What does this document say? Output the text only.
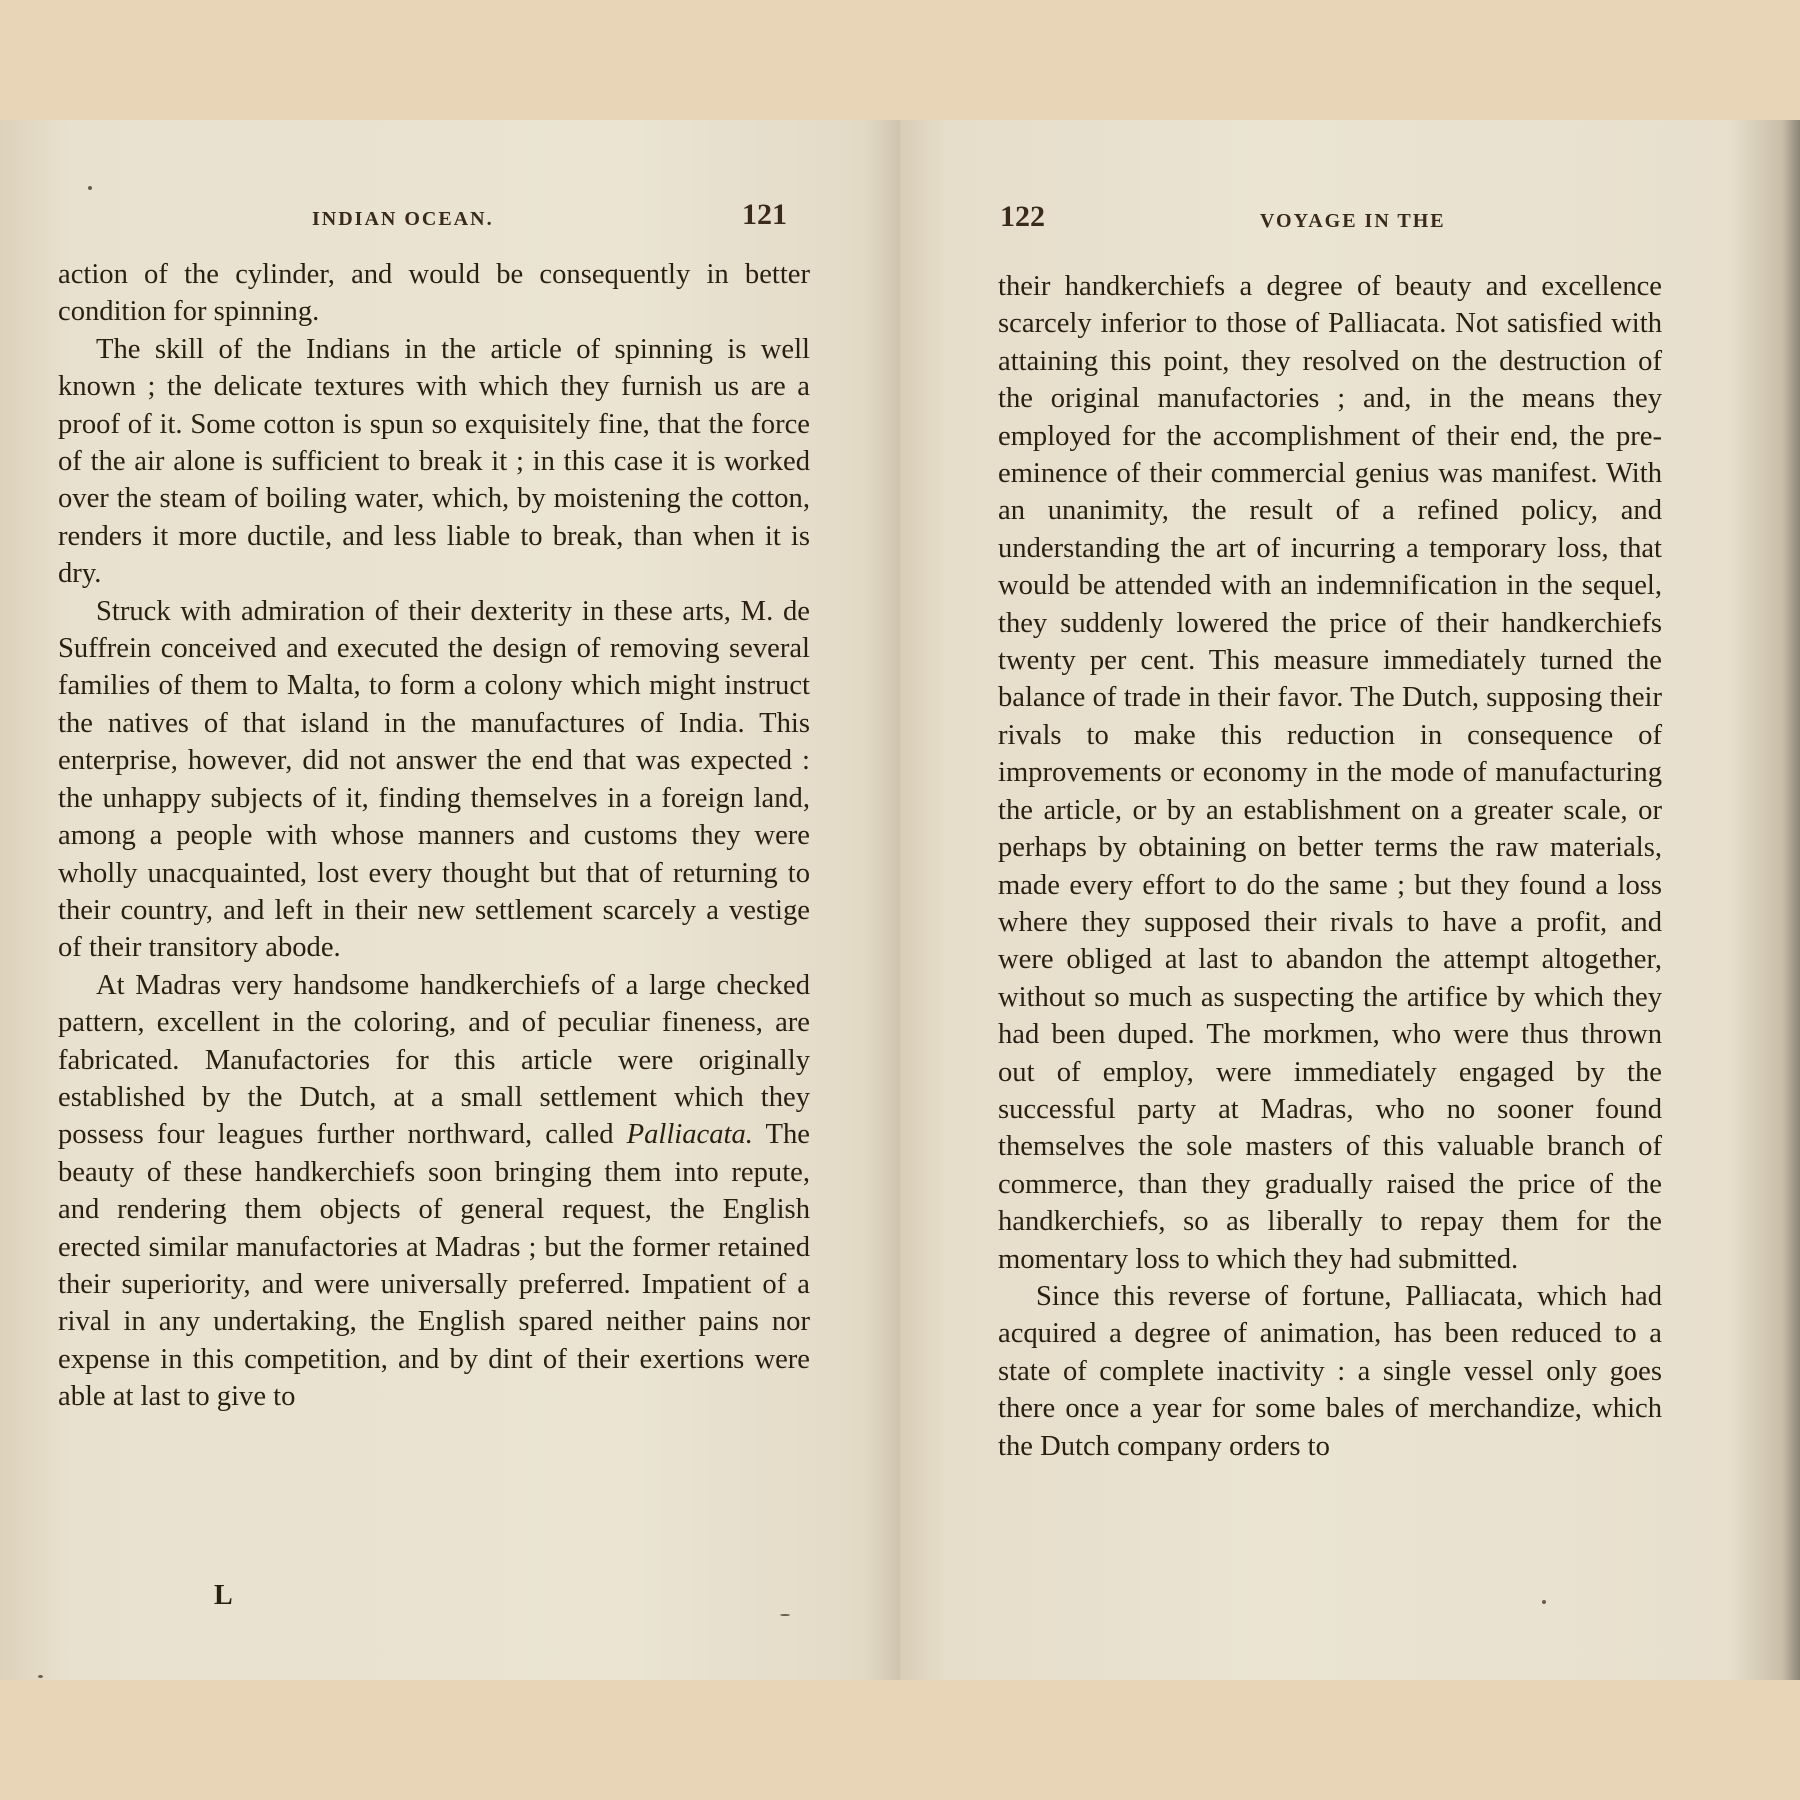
INDIAN OCEAN.	121

action of the cylinder, and would be consequently in better condition for spinning.

The skill of the Indians in the article of spinning is well known ; the delicate textures with which they furnish us are a proof of it. Some cotton is spun so exquisitely fine, that the force of the air alone is sufficient to break it ; in this case it is worked over the steam of boiling water, which, by moistening the cotton, renders it more ductile, and less liable to break, than when it is dry.

Struck with admiration of their dexterity in these arts, M. de Suffrein conceived and executed the design of removing several families of them to Malta, to form a colony which might instruct the natives of that island in the manufactures of India. This enterprise, however, did not answer the end that was expected : the unhappy subjects of it, finding themselves in a foreign land, among a people with whose manners and customs they were wholly unacquainted, lost every thought but that of returning to their country, and left in their new settlement scarcely a vestige of their transitory abode.

At Madras very handsome handkerchiefs of a large checked pattern, excellent in the coloring, and of peculiar fineness, are fabricated. Manufactories for this article were originally established by the Dutch, at a small settlement which they possess four leagues further northward, called Palliacata. The beauty of these handkerchiefs soon bringing them into repute, and rendering them objects of general request, the English erected similar manufactories at Madras ; but the former retained their superiority, and were universally preferred. Impatient of a rival in any undertaking, the English spared neither pains nor expense in this competition, and by dint of their exertions were able at last to give to

L
122	VOYAGE IN THE

their handkerchiefs a degree of beauty and excellence scarcely inferior to those of Palliacata. Not satisfied with attaining this point, they resolved on the destruction of the original manufactories ; and, in the means they employed for the accomplishment of their end, the pre-eminence of their commercial genius was manifest. With an unanimity, the result of a refined policy, and understanding the art of incurring a temporary loss, that would be attended with an indemnification in the sequel, they suddenly lowered the price of their handkerchiefs twenty per cent. This measure immediately turned the balance of trade in their favor. The Dutch, supposing their rivals to make this reduction in consequence of improvements or economy in the mode of manufacturing the article, or by an establishment on a greater scale, or perhaps by obtaining on better terms the raw materials, made every effort to do the same ; but they found a loss where they supposed their rivals to have a profit, and were obliged at last to abandon the attempt altogether, without so much as suspecting the artifice by which they had been duped. The morkmen, who were thus thrown out of employ, were immediately engaged by the successful party at Madras, who no sooner found themselves the sole masters of this valuable branch of commerce, than they gradually raised the price of the handkerchiefs, so as liberally to repay them for the momentary loss to which they had submitted.

Since this reverse of fortune, Palliacata, which had acquired a degree of animation, has been reduced to a state of complete inactivity : a single vessel only goes there once a year for some bales of merchandize, which the Dutch company orders to
